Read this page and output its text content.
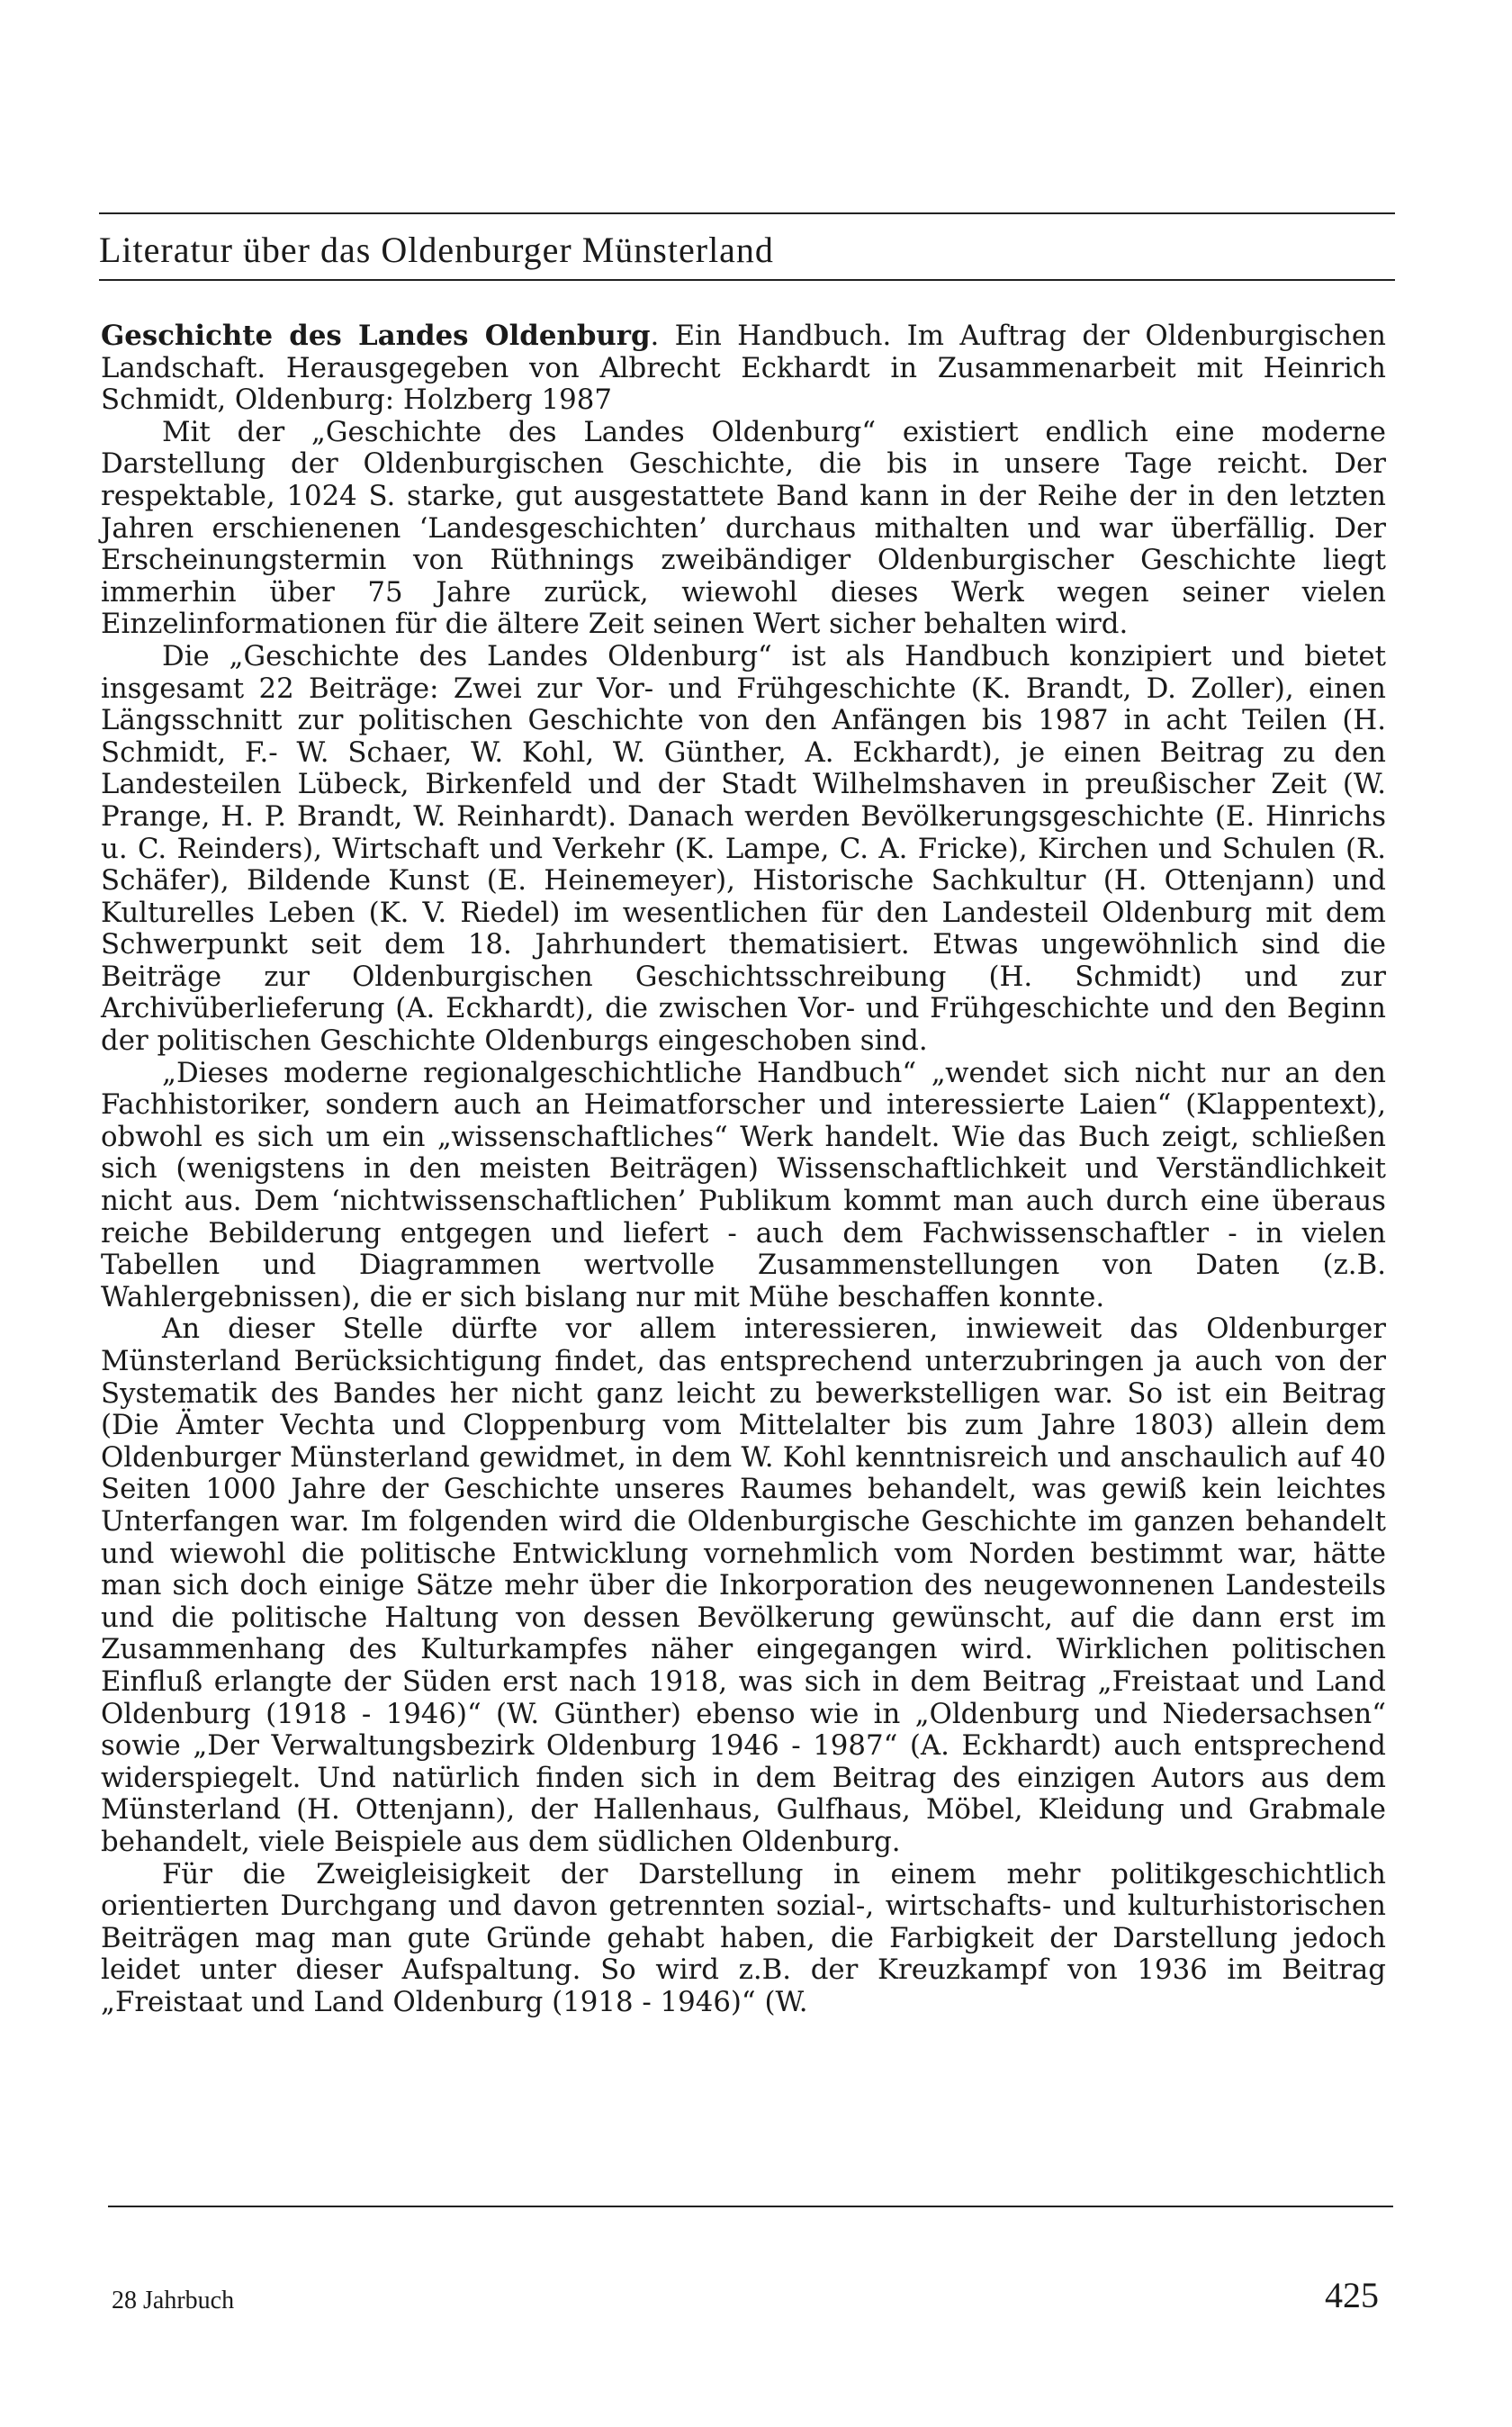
Literatur über das Oldenburger Münsterland

Geschichte des Landes Oldenburg. Ein Handbuch. Im Auftrag der Oldenburgischen Landschaft. Herausgegeben von Albrecht Eckhardt in Zusammenarbeit mit Heinrich Schmidt, Oldenburg: Holzberg 1987

Mit der „Geschichte des Landes Oldenburg“ existiert endlich eine moderne Darstellung der Oldenburgischen Geschichte, die bis in unsere Tage reicht. Der respektable, 1024 S. starke, gut ausgestattete Band kann in der Reihe der in den letzten Jahren erschienenen ‘Landesgeschichten’ durchaus mithalten und war überfällig. Der Erscheinungstermin von Rüthnings zweibändiger Oldenburgischer Geschichte liegt immerhin über 75 Jahre zurück, wiewohl dieses Werk wegen seiner vielen Einzelinformationen für die ältere Zeit seinen Wert sicher behalten wird.

Die „Geschichte des Landes Oldenburg“ ist als Handbuch konzipiert und bietet insgesamt 22 Beiträge: Zwei zur Vor- und Frühgeschichte (K. Brandt, D. Zoller), einen Längsschnitt zur politischen Geschichte von den Anfängen bis 1987 in acht Teilen (H. Schmidt, F.- W. Schaer, W. Kohl, W. Günther, A. Eckhardt), je einen Beitrag zu den Landesteilen Lübeck, Birkenfeld und der Stadt Wilhelmshaven in preußischer Zeit (W. Prange, H. P. Brandt, W. Reinhardt). Danach werden Bevölkerungsgeschichte (E. Hinrichs u. C. Reinders), Wirtschaft und Verkehr (K. Lampe, C. A. Fricke), Kirchen und Schulen (R. Schäfer), Bildende Kunst (E. Heinemeyer), Historische Sachkultur (H. Ottenjann) und Kulturelles Leben (K. V. Riedel) im wesentlichen für den Landesteil Oldenburg mit dem Schwerpunkt seit dem 18. Jahrhundert thematisiert. Etwas ungewöhnlich sind die Beiträge zur Oldenburgischen Geschichtsschreibung (H. Schmidt) und zur Archivüberlieferung (A. Eckhardt), die zwischen Vor- und Frühgeschichte und den Beginn der politischen Geschichte Oldenburgs eingeschoben sind.

„Dieses moderne regionalgeschichtliche Handbuch“ „wendet sich nicht nur an den Fachhistoriker, sondern auch an Heimatforscher und interessierte Laien“ (Klappentext), obwohl es sich um ein „wissenschaftliches“ Werk handelt. Wie das Buch zeigt, schließen sich (wenigstens in den meisten Beiträgen) Wissenschaftlichkeit und Verständlichkeit nicht aus. Dem ‘nichtwissenschaftlichen’ Publikum kommt man auch durch eine überaus reiche Bebilderung entgegen und liefert - auch dem Fachwissenschaftler - in vielen Tabellen und Diagrammen wertvolle Zusammenstellungen von Daten (z.B. Wahlergebnissen), die er sich bislang nur mit Mühe beschaffen konnte.

An dieser Stelle dürfte vor allem interessieren, inwieweit das Oldenburger Münsterland Berücksichtigung findet, das entsprechend unterzubringen ja auch von der Systematik des Bandes her nicht ganz leicht zu bewerkstelligen war. So ist ein Beitrag (Die Ämter Vechta und Cloppenburg vom Mittelalter bis zum Jahre 1803) allein dem Oldenburger Münsterland gewidmet, in dem W. Kohl kenntnisreich und anschaulich auf 40 Seiten 1000 Jahre der Geschichte unseres Raumes behandelt, was gewiß kein leichtes Unterfangen war. Im folgenden wird die Oldenburgische Geschichte im ganzen behandelt und wiewohl die politische Entwicklung vornehmlich vom Norden bestimmt war, hätte man sich doch einige Sätze mehr über die Inkorporation des neugewonnenen Landesteils und die politische Haltung von dessen Bevölkerung gewünscht, auf die dann erst im Zusammenhang des Kulturkampfes näher eingegangen wird. Wirklichen politischen Einfluß erlangte der Süden erst nach 1918, was sich in dem Beitrag „Freistaat und Land Oldenburg (1918 - 1946)“ (W. Günther) ebenso wie in „Oldenburg und Niedersachsen“ sowie „Der Verwaltungsbezirk Oldenburg 1946 - 1987“ (A. Eckhardt) auch entsprechend widerspiegelt. Und natürlich finden sich in dem Beitrag des einzigen Autors aus dem Münsterland (H. Ottenjann), der Hallenhaus, Gulfhaus, Möbel, Kleidung und Grabmale behandelt, viele Beispiele aus dem südlichen Oldenburg.

Für die Zweigleisigkeit der Darstellung in einem mehr politikgeschichtlich orientierten Durchgang und davon getrennten sozial-, wirtschafts- und kulturhistorischen Beiträgen mag man gute Gründe gehabt haben, die Farbigkeit der Darstellung jedoch leidet unter dieser Aufspaltung. So wird z.B. der Kreuzkampf von 1936 im Beitrag „Freistaat und Land Oldenburg (1918 - 1946)“ (W.

28 Jahrbuch	425
